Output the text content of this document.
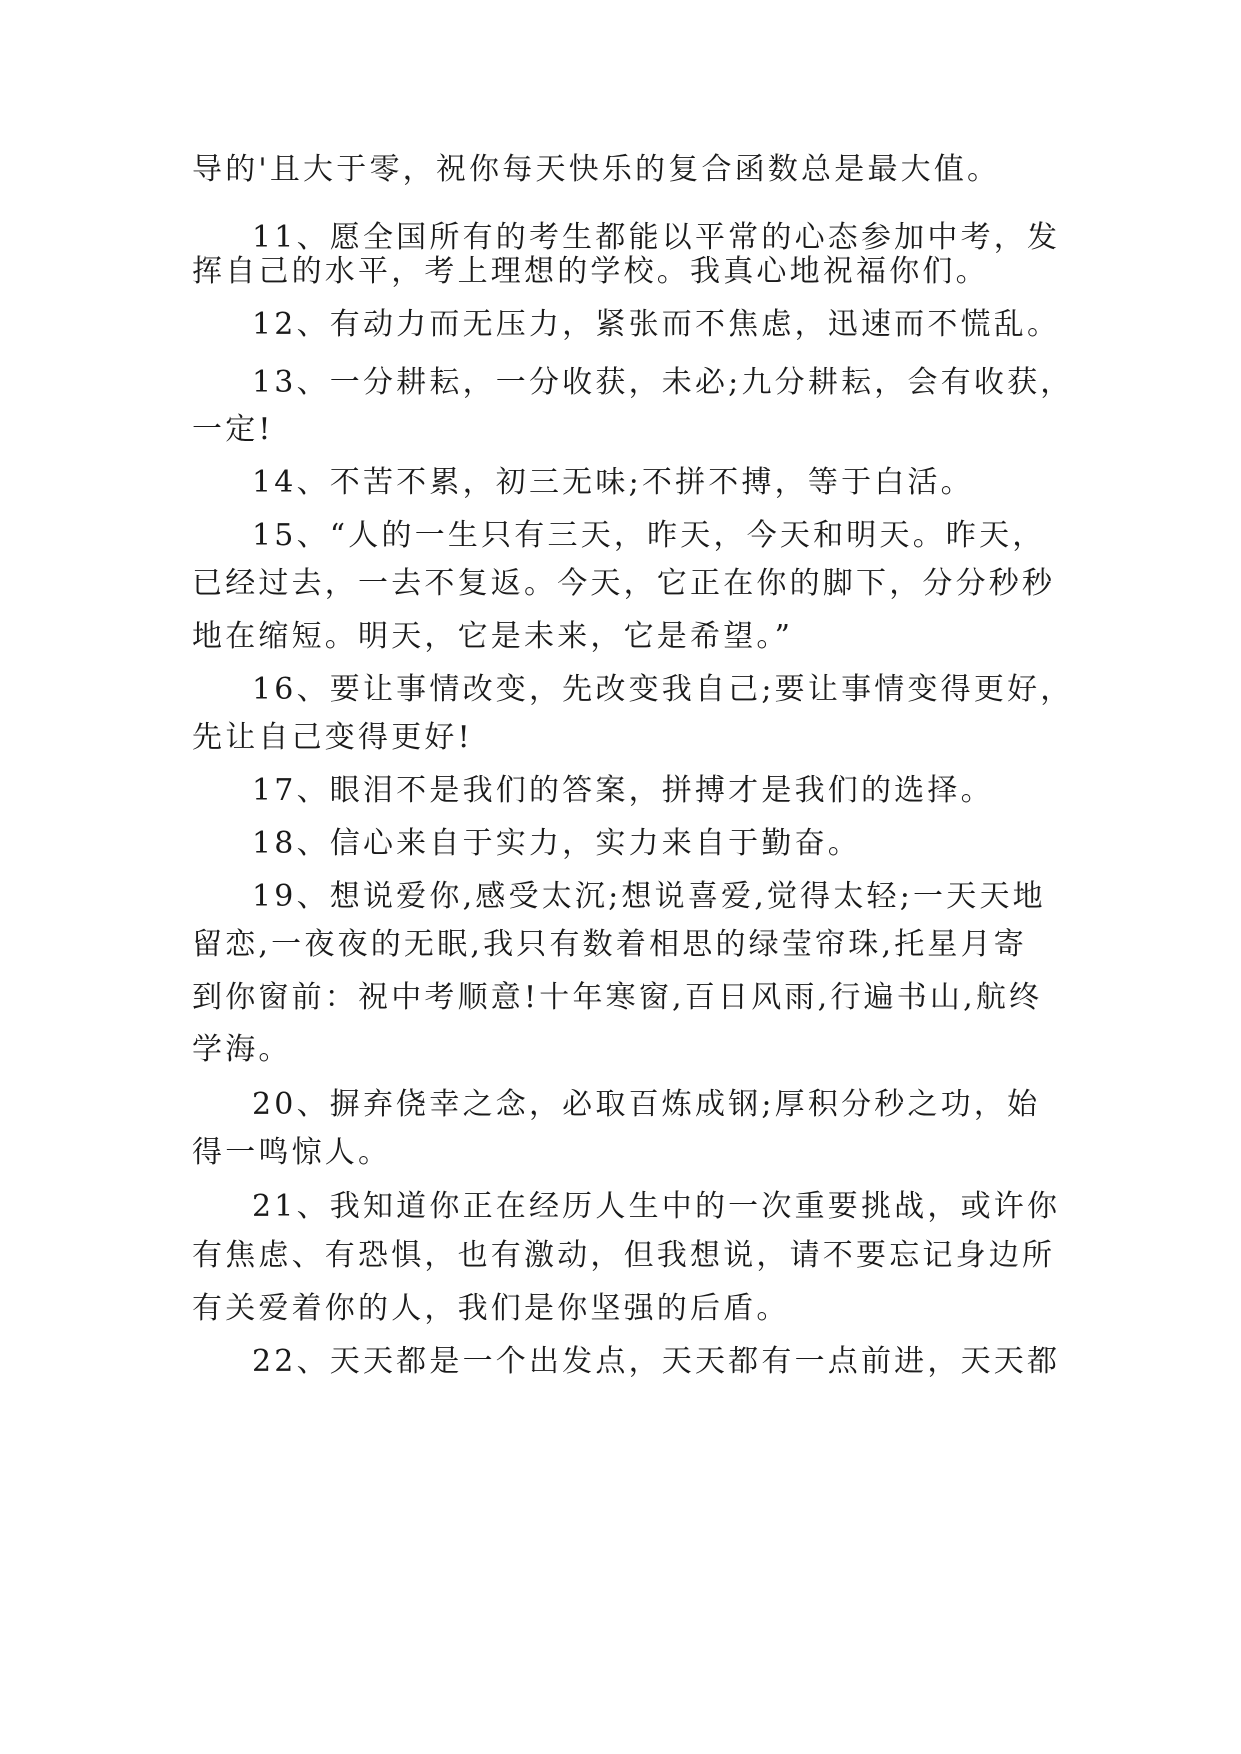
导的'且大于零，祝你每天快乐的复合函数总是最大值。
11、愿全国所有的考生都能以平常的心态参加中考，发
挥自己的水平，考上理想的学校。我真心地祝福你们。
12、有动力而无压力，紧张而不焦虑，迅速而不慌乱。
13、一分耕耘，一分收获，未必;九分耕耘，会有收获，
一定!
14、不苦不累，初三无味;不拼不搏，等于白活。
15、“人的一生只有三天，昨天，今天和明天。昨天，
已经过去，一去不复返。今天，它正在你的脚下，分分秒秒
地在缩短。明天，它是未来，它是希望。”
16、要让事情改变，先改变我自己;要让事情变得更好，
先让自己变得更好!
17、眼泪不是我们的答案，拼搏才是我们的选择。
18、信心来自于实力，实力来自于勤奋。
19、想说爱你,感受太沉;想说喜爱,觉得太轻;一天天地
留恋,一夜夜的无眠,我只有数着相思的绿莹帘珠,托星月寄
到你窗前：祝中考顺意!十年寒窗,百日风雨,行遍书山,航终
学海。
20、摒弃侥幸之念，必取百炼成钢;厚积分秒之功，始
得一鸣惊人。
21、我知道你正在经历人生中的一次重要挑战，或许你
有焦虑、有恐惧，也有激动，但我想说，请不要忘记身边所
有关爱着你的人，我们是你坚强的后盾。
22、天天都是一个出发点，天天都有一点前进，天天都
